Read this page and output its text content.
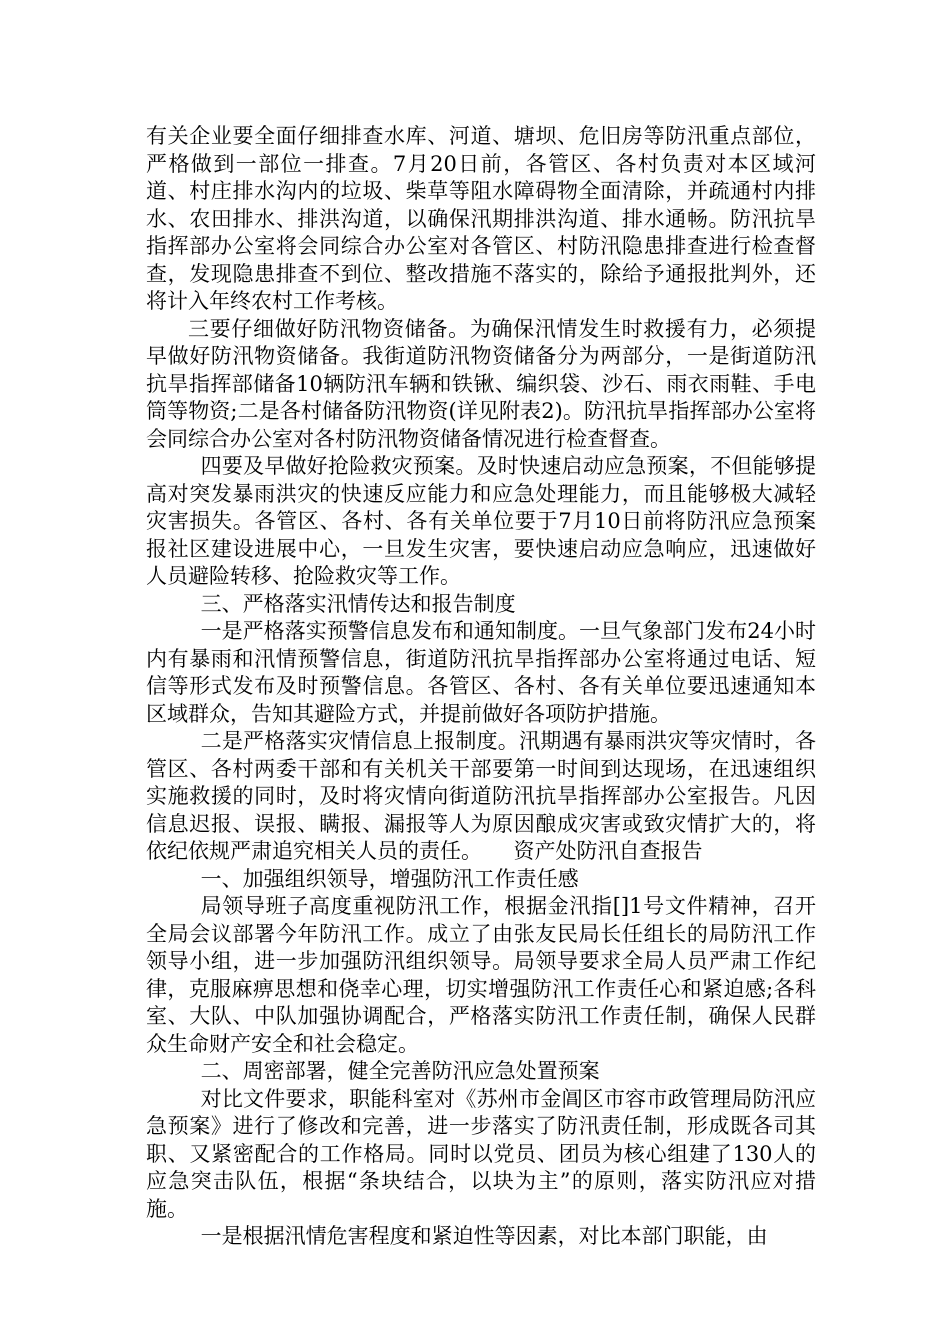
有关企业要全面仔细排查水库、河道、塘坝、危旧房等防汛重点部位，严格做到一部位一排查。7月20日前，各管区、各村负责对本区域河道、村庄排水沟内的垃圾、柴草等阻水障碍物全面清除，并疏通村内排水、农田排水、排洪沟道，以确保汛期排洪沟道、排水通畅。防汛抗旱指挥部办公室将会同综合办公室对各管区、村防汛隐患排查进行检查督查，发现隐患排查不到位、整改措施不落实的，除给予通报批判外，还将计入年终农村工作考核。

三要仔细做好防汛物资储备。为确保汛情发生时救援有力，必须提早做好防汛物资储备。我街道防汛物资储备分为两部分，一是街道防汛抗旱指挥部储备10辆防汛车辆和铁锹、编织袋、沙石、雨衣雨鞋、手电筒等物资;二是各村储备防汛物资(详见附表2)。防汛抗旱指挥部办公室将会同综合办公室对各村防汛物资储备情况进行检查督查。

四要及早做好抢险救灾预案。及时快速启动应急预案，不但能够提高对突发暴雨洪灾的快速反应能力和应急处理能力，而且能够极大减轻灾害损失。各管区、各村、各有关单位要于7月10日前将防汛应急预案报社区建设进展中心，一旦发生灾害，要快速启动应急响应，迅速做好人员避险转移、抢险救灾等工作。

三、严格落实汛情传达和报告制度

一是严格落实预警信息发布和通知制度。一旦气象部门发布24小时内有暴雨和汛情预警信息，街道防汛抗旱指挥部办公室将通过电话、短信等形式发布及时预警信息。各管区、各村、各有关单位要迅速通知本区域群众，告知其避险方式，并提前做好各项防护措施。

二是严格落实灾情信息上报制度。汛期遇有暴雨洪灾等灾情时，各管区、各村两委干部和有关机关干部要第一时间到达现场，在迅速组织实施救援的同时，及时将灾情向街道防汛抗旱指挥部办公室报告。凡因信息迟报、误报、瞒报、漏报等人为原因酿成灾害或致灾情扩大的，将依纪依规严肃追究相关人员的责任。　　资产处防汛自查报告

一、加强组织领导，增强防汛工作责任感

局领导班子高度重视防汛工作，根据金汛指[]1号文件精神，召开全局会议部署今年防汛工作。成立了由张友民局长任组长的局防汛工作领导小组，进一步加强防汛组织领导。局领导要求全局人员严肃工作纪律，克服麻痹思想和侥幸心理，切实增强防汛工作责任心和紧迫感;各科室、大队、中队加强协调配合，严格落实防汛工作责任制，确保人民群众生命财产安全和社会稳定。

二、周密部署，健全完善防汛应急处置预案

对比文件要求，职能科室对《苏州市金阊区市容市政管理局防汛应急预案》进行了修改和完善，进一步落实了防汛责任制，形成既各司其职、又紧密配合的工作格局。同时以党员、团员为核心组建了130人的应急突击队伍，根据“条块结合，以块为主”的原则，落实防汛应对措施。

一是根据汛情危害程度和紧迫性等因素，对比本部门职能，由
